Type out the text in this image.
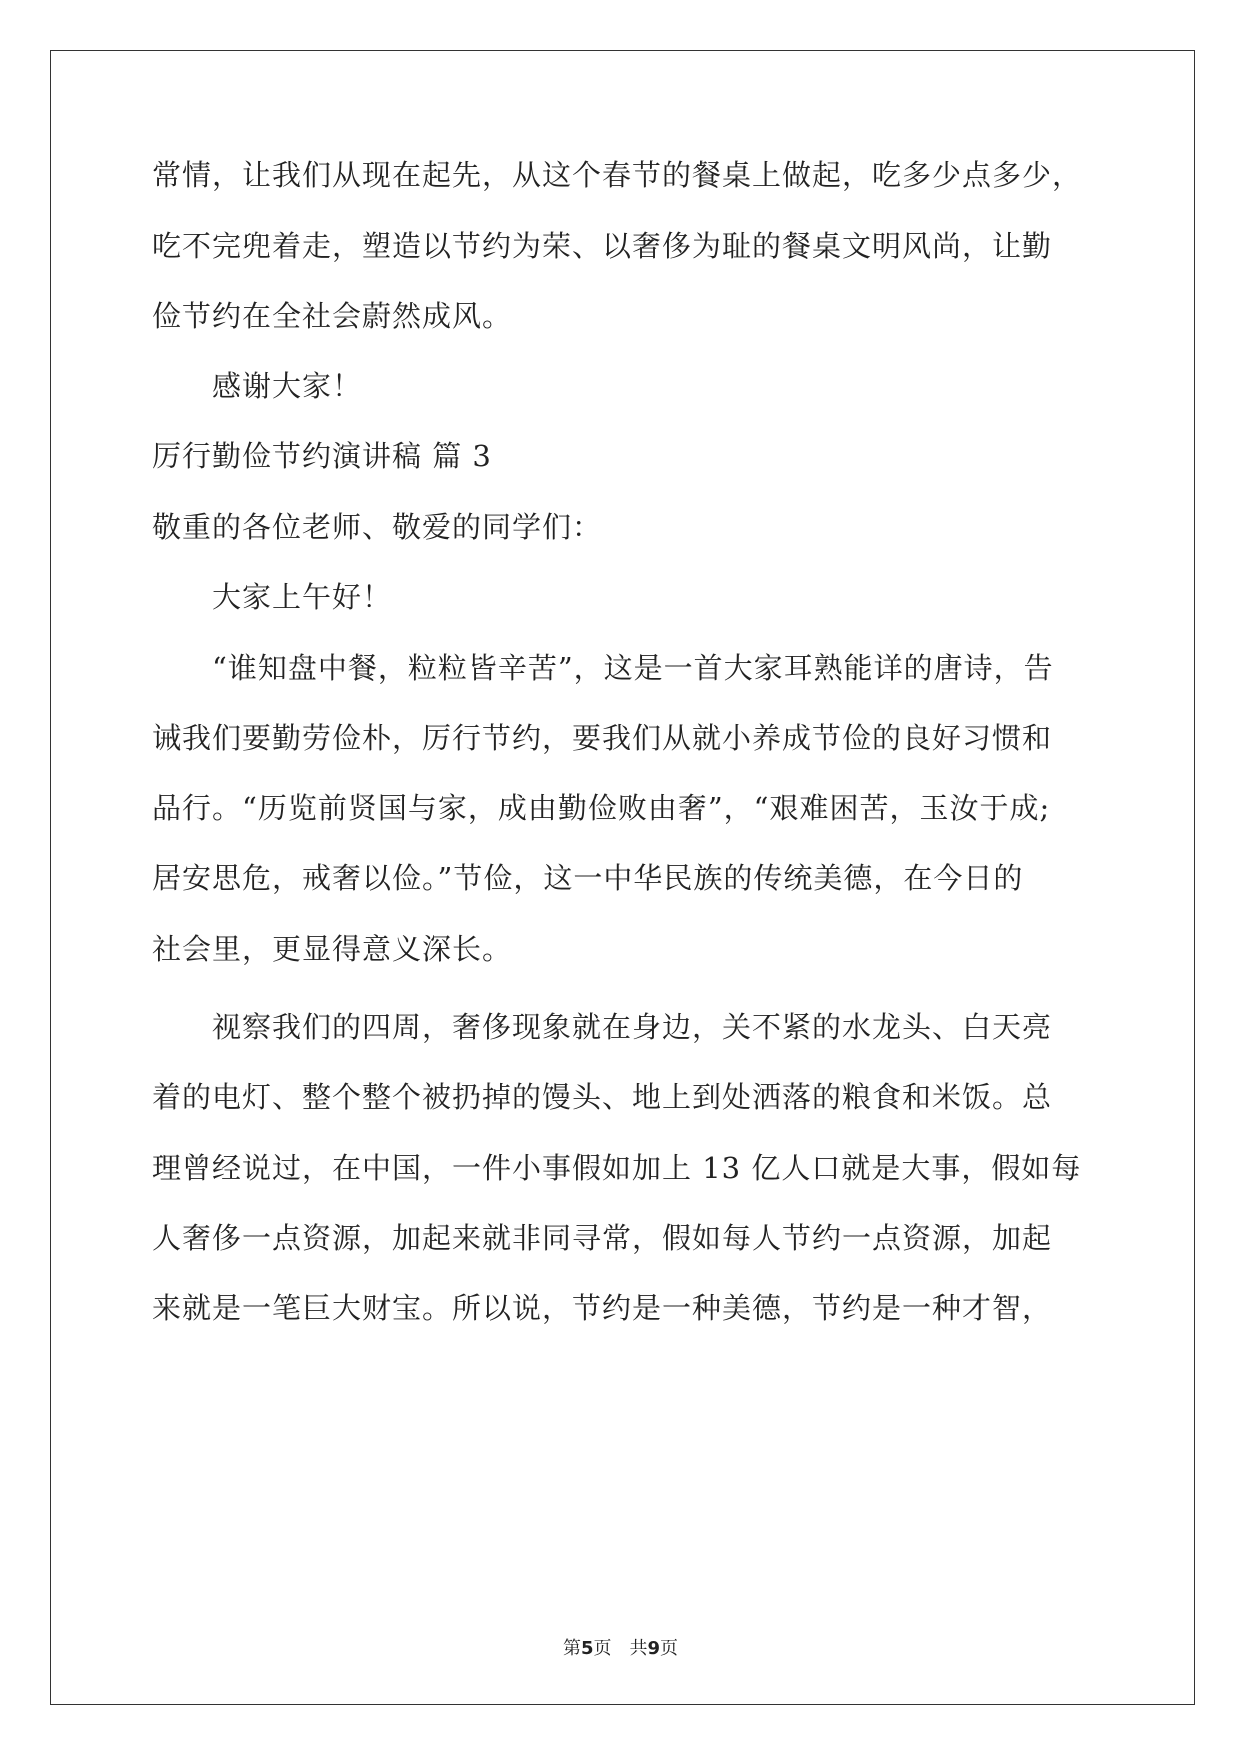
常情，让我们从现在起先，从这个春节的餐桌上做起，吃多少点多少，
吃不完兜着走，塑造以节约为荣、以奢侈为耻的餐桌文明风尚，让勤
俭节约在全社会蔚然成风。
感谢大家！
厉行勤俭节约演讲稿 篇 3
敬重的各位老师、敬爱的同学们：
大家上午好！
“谁知盘中餐，粒粒皆辛苦”，这是一首大家耳熟能详的唐诗，告
诫我们要勤劳俭朴，厉行节约，要我们从就小养成节俭的良好习惯和
品行。“历览前贤国与家，成由勤俭败由奢”，“艰难困苦，玉汝于成;
居安思危，戒奢以俭。”节俭，这一中华民族的传统美德，在今日的
社会里，更显得意义深长。
视察我们的四周，奢侈现象就在身边，关不紧的水龙头、白天亮
着的电灯、整个整个被扔掉的馒头、地上到处洒落的粮食和米饭。总
理曾经说过，在中国，一件小事假如加上 13 亿人口就是大事，假如每
人奢侈一点资源，加起来就非同寻常，假如每人节约一点资源，加起
来就是一笔巨大财宝。所以说，节约是一种美德，节约是一种才智，
第5页　共9页
